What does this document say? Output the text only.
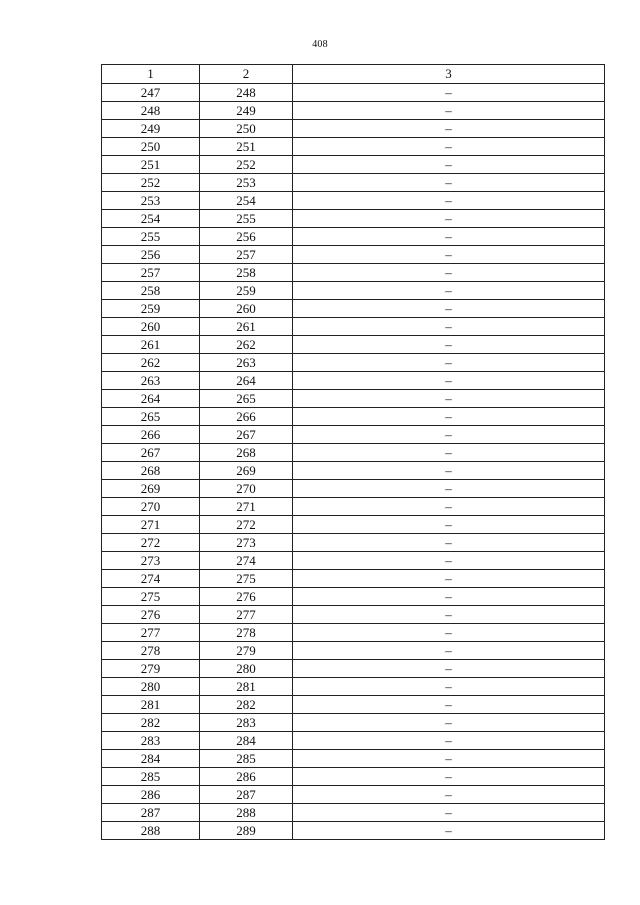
408
1	2	3
247	248	–
248	249	–
249	250	–
250	251	–
251	252	–
252	253	–
253	254	–
254	255	–
255	256	–
256	257	–
257	258	–
258	259	–
259	260	–
260	261	–
261	262	–
262	263	–
263	264	–
264	265	–
265	266	–
266	267	–
267	268	–
268	269	–
269	270	–
270	271	–
271	272	–
272	273	–
273	274	–
274	275	–
275	276	–
276	277	–
277	278	–
278	279	–
279	280	–
280	281	–
281	282	–
282	283	–
283	284	–
284	285	–
285	286	–
286	287	–
287	288	–
288	289	–
